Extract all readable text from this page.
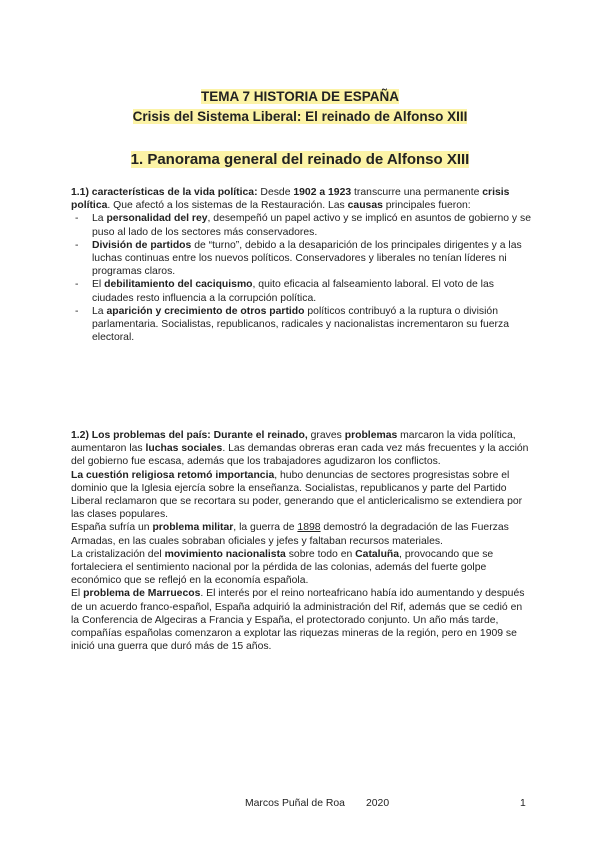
TEMA 7 HISTORIA DE ESPAÑA
Crisis del Sistema Liberal: El reinado de Alfonso XIII
1. Panorama general del reinado de Alfonso XIII

1.1) características de la vida política: Desde 1902 a 1923 transcurre una permanente crisis política. Que afectó a los sistemas de la Restauración. Las causas principales fueron:

- La personalidad del rey, desempeñó un papel activo y se implicó en asuntos de gobierno y se puso al lado de los sectores más conservadores.
- División de partidos de “turno”, debido a la desaparición de los principales dirigentes y a las luchas continuas entre los nuevos políticos. Conservadores y liberales no tenían líderes ni programas claros.
- El debilitamiento del caciquismo, quito eficacia al falseamiento laboral. El voto de las ciudades resto influencia a la corrupción política.
- La aparición y crecimiento de otros partido políticos contribuyó a la ruptura o división parlamentaria. Socialistas, republicanos, radicales y nacionalistas incrementaron su fuerza electoral.

1.2) Los problemas del país: Durante el reinado, graves problemas marcaron la vida política, aumentaron las luchas sociales. Las demandas obreras eran cada vez más frecuentes y la acción del gobierno fue escasa, además que los trabajadores agudizaron los conflictos.

La cuestión religiosa retomó importancia, hubo denuncias de sectores progresistas sobre el dominio que la Iglesia ejercía sobre la enseñanza. Socialistas, republicanos y parte del Partido Liberal reclamaron que se recortara su poder, generando que el anticlericalismo se extendiera por las clases populares.

España sufría un problema militar, la guerra de 1898 demostró la degradación de las Fuerzas Armadas, en las cuales sobraban oficiales y jefes y faltaban recursos materiales.

La cristalización del movimiento nacionalista sobre todo en Cataluña, provocando que se fortaleciera el sentimiento nacional por la pérdida de las colonias, además del fuerte golpe económico que se reflejó en la economía española.

El problema de Marruecos. El interés por el reino norteafricano había ido aumentando y después de un acuerdo franco-español, España adquirió la administración del Rif, además que se cedió en la Conferencia de Algeciras a Francia y España, el protectorado conjunto. Un año más tarde, compañías españolas comenzaron a explotar las riquezas mineras de la región, pero en 1909 se inició una guerra que duró más de 15 años.

Marcos Puñal de Roa 2020	1
